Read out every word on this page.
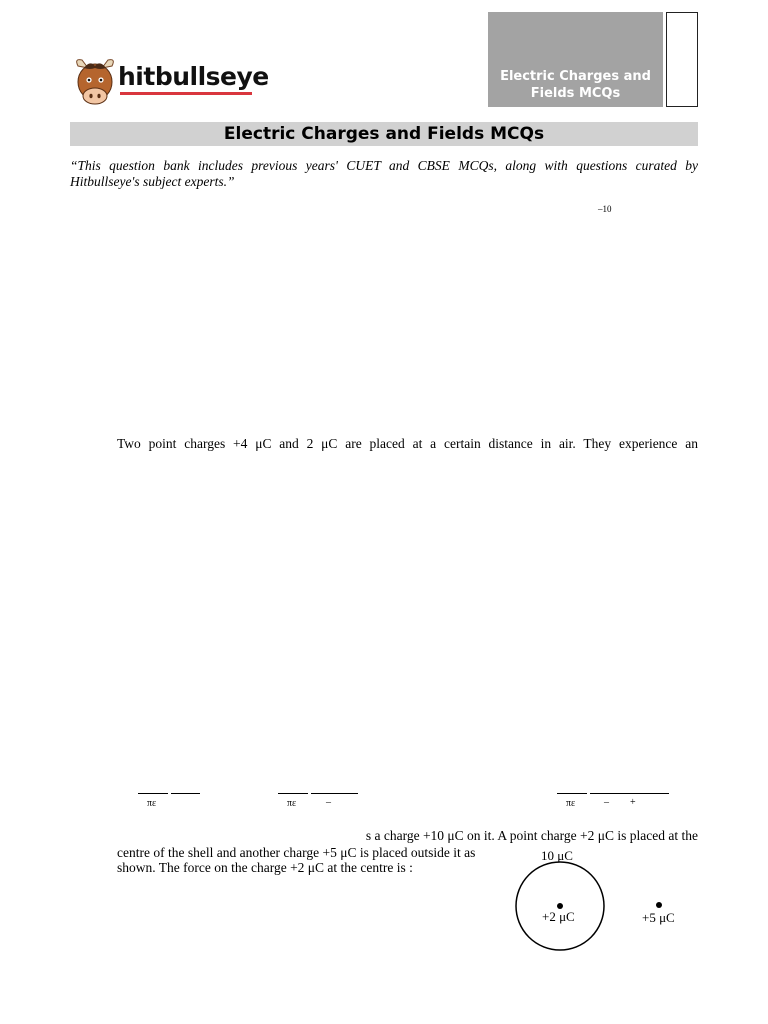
hitbullseye	Electric Charges and Fields MCQs
Electric Charges and Fields MCQs
“This question bank includes previous years' CUET and CBSE MCQs, along with questions curated by Hitbullseye's subject experts.”
–10
Two point charges +4 μC and 2 μC are placed at a certain distance in air. They experience an
πε	πε	–	πε	– +
s a charge +10 μC on it. A point charge +2 μC is placed at the
centre of the shell and another charge +5 μC is placed outside it as
shown. The force on the charge +2 μC at the centre is :
10 μC
+2 μC	+5 μC
